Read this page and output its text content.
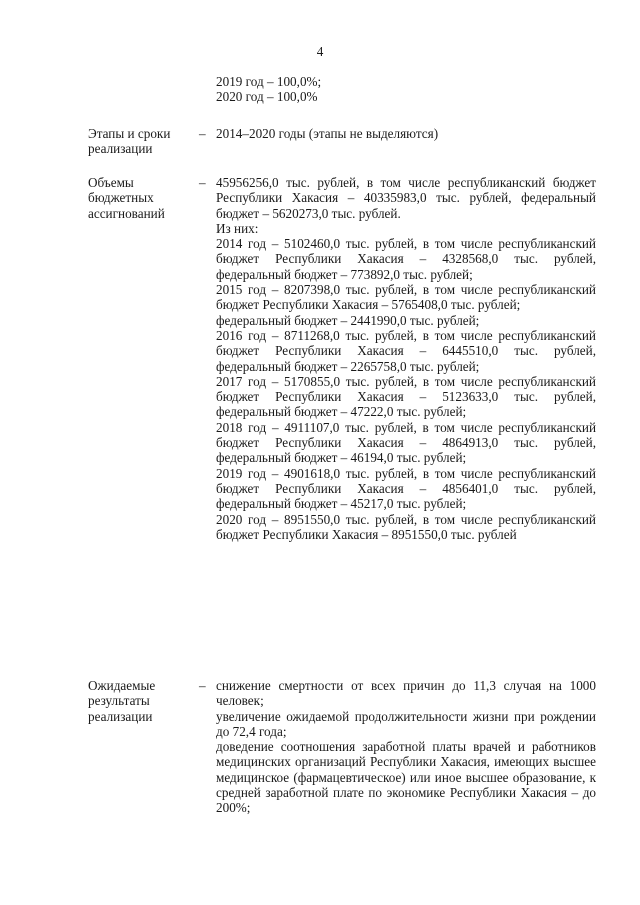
4
2019 год – 100,0%;
2020 год – 100,0%
Этапы и сроки
реализации
– 2014–2020 годы (этапы не выделяются)

Объемы
бюджетных
ассигнований
– 45956256,0 тыс. рублей, в том числе республиканский бюджет Республики Хакасия – 40335983,0 тыс. рублей, федеральный бюджет – 5620273,0 тыс. рублей.

Из них:

2014 год – 5102460,0 тыс. рублей, в том числе республиканский бюджет Республики Хакасия – 4328568,0 тыс. рублей, федеральный бюджет – 773892,0 тыс. рублей;

2015 год – 8207398,0 тыс. рублей, в том числе республиканский бюджет Республики Хакасия – 5765408,0 тыс. рублей;

федеральный бюджет – 2441990,0 тыс. рублей;

2016 год – 8711268,0 тыс. рублей, в том числе республиканский бюджет Республики Хакасия – 6445510,0 тыс. рублей, федеральный бюджет – 2265758,0 тыс. рублей;

2017 год – 5170855,0 тыс. рублей, в том числе республиканский бюджет Республики Хакасия – 5123633,0 тыс. рублей, федеральный бюджет – 47222,0 тыс. рублей;

2018 год – 4911107,0 тыс. рублей, в том числе республиканский бюджет Республики Хакасия – 4864913,0 тыс. рублей, федеральный бюджет – 46194,0 тыс. рублей;

2019 год – 4901618,0 тыс. рублей, в том числе республиканский бюджет Республики Хакасия – 4856401,0 тыс. рублей, федеральный бюджет – 45217,0 тыс. рублей;

2020 год – 8951550,0 тыс. рублей, в том числе республиканский бюджет Республики Хакасия – 8951550,0 тыс. рублей

Ожидаемые
результаты
реализации
– снижение смертности от всех причин до 11,3 случая на 1000 человек;

увеличение ожидаемой продолжительности жизни при рождении до 72,4 года;

доведение соотношения заработной платы врачей и работников медицинских организаций Республики Хакасия, имеющих высшее медицинское (фармацевтическое) или иное высшее образование, к средней заработной плате по экономике Республики Хакасия – до 200%;
